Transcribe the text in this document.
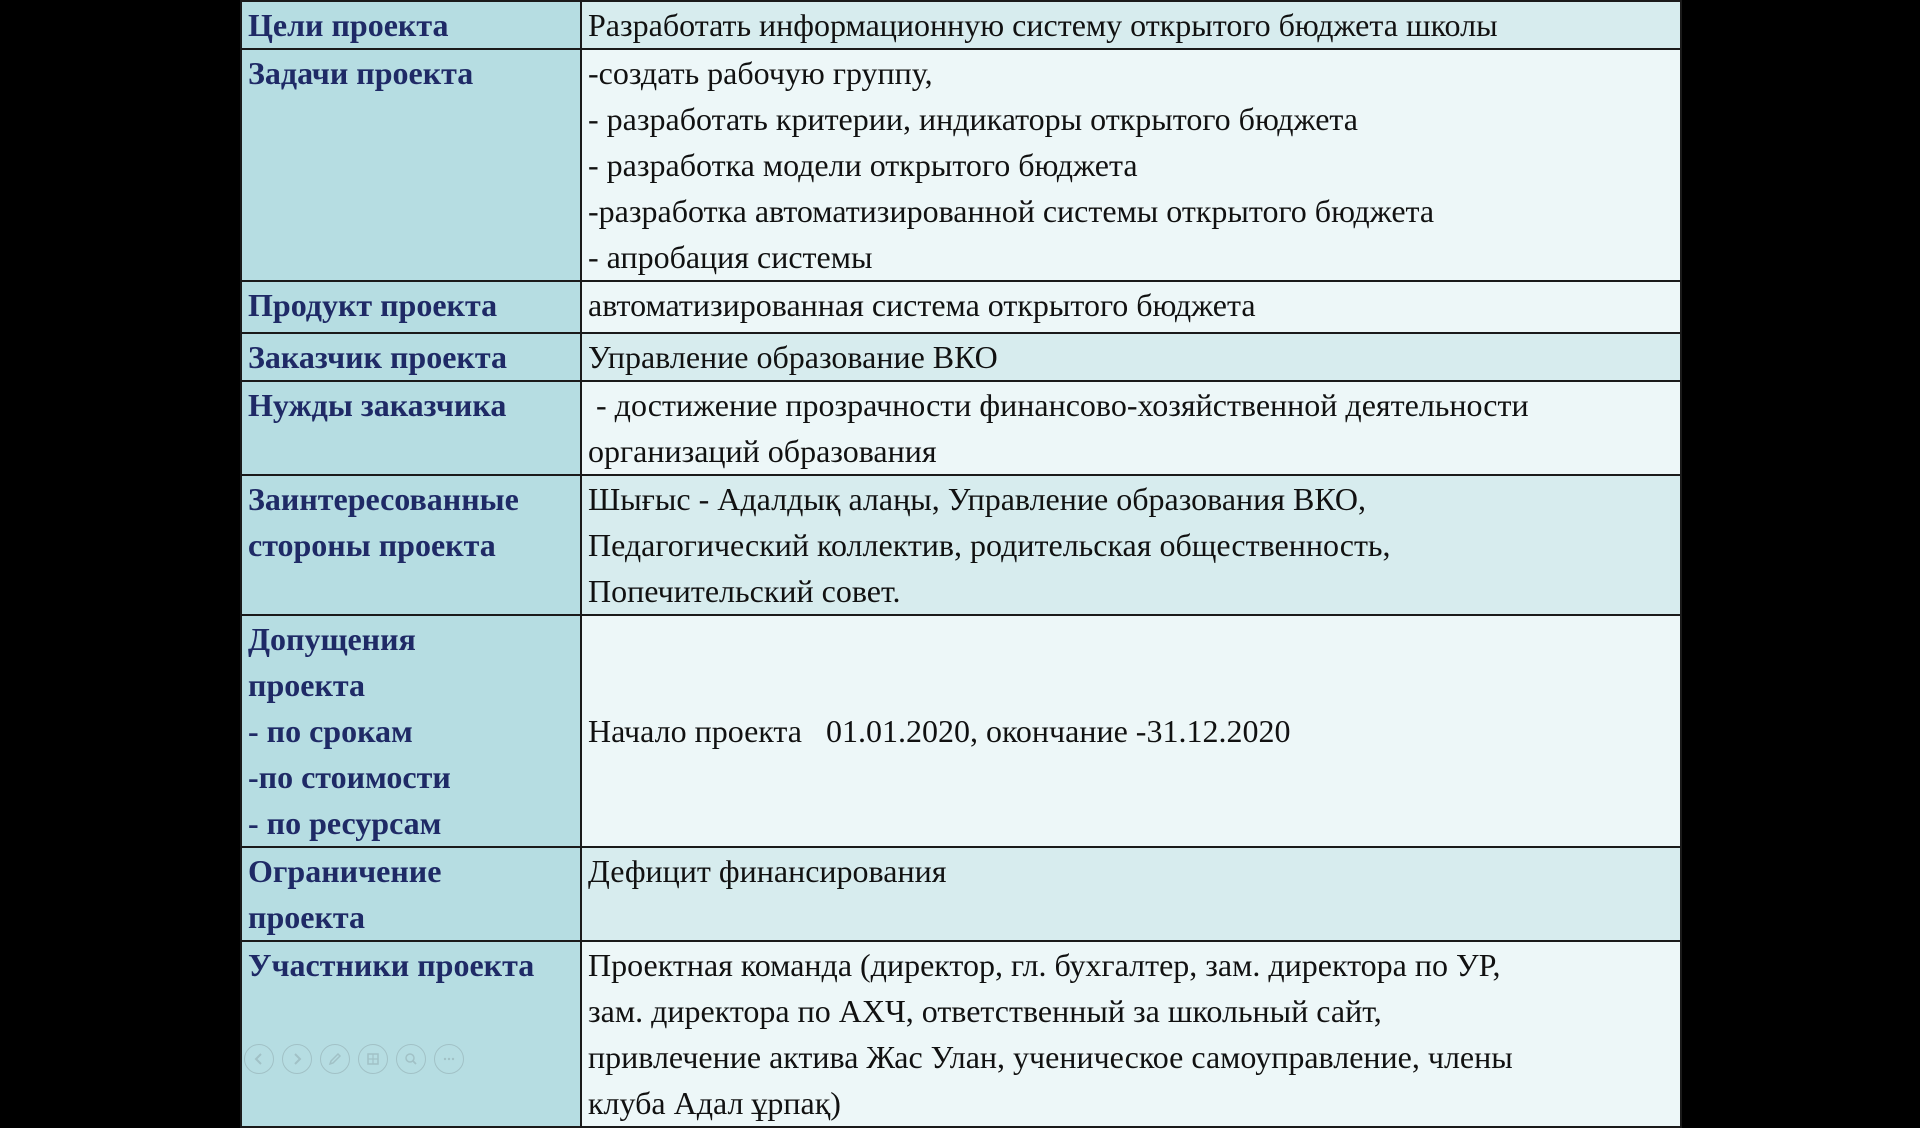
Цели проекта	Разработать информационную систему открытого бюджета школы

Задачи проекта	-создать рабочую группу,
- разработать критерии, индикаторы открытого бюджета
- разработка модели открытого бюджета
-разработка автоматизированной системы открытого бюджета
- апробация системы

Продукт проекта	автоматизированная система открытого бюджета

Заказчик проекта	Управление образование ВКО

Нужды заказчика	- достижение прозрачности финансово-хозяйственной деятельности
организаций образования

Заинтересованные
стороны проекта	Шығыс - Адалдық алаңы, Управление образования ВКО,
Педагогический коллектив, родительская общественность,
Попечительский совет.

Допущения
проекта
- по срокам
-по стоимости
- по ресурсам	Начало проекта   01.01.2020, окончание -31.12.2020

Ограничение
проекта	Дефицит финансирования

Участники проекта	Проектная команда (директор, гл. бухгалтер, зам. директора по УР,
зам. директора по АХЧ, ответственный за школьный сайт,
привлечение актива Жас Улан, ученическое самоуправление, члены
клуба Адал ұрпақ)
